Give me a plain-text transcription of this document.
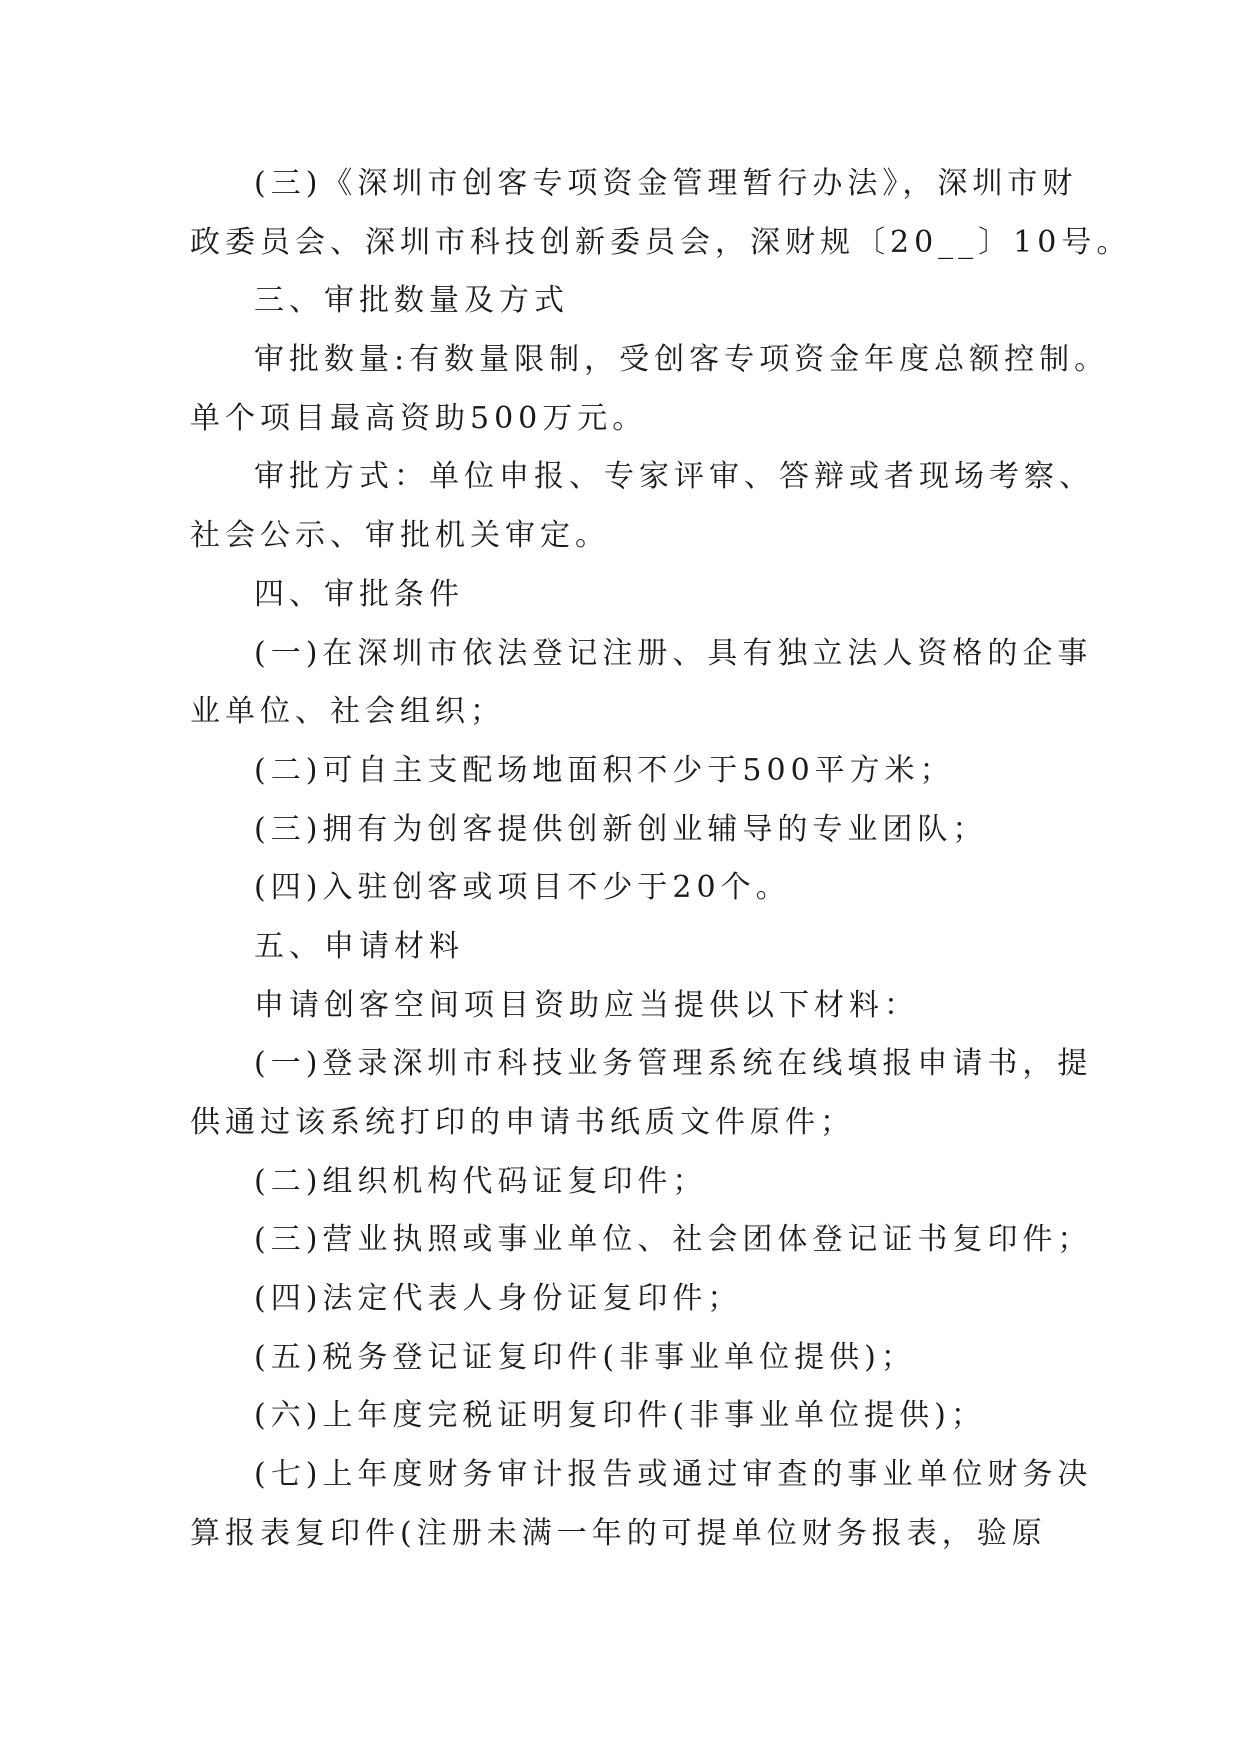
(三)《深圳市创客专项资金管理暂行办法》，深圳市财
政委员会、深圳市科技创新委员会，深财规〔20__〕10号。
三、审批数量及方式
审批数量:有数量限制，受创客专项资金年度总额控制。
单个项目最高资助500万元。
审批方式：单位申报、专家评审、答辩或者现场考察、
社会公示、审批机关审定。
四、审批条件
(一)在深圳市依法登记注册、具有独立法人资格的企事
业单位、社会组织；
(二)可自主支配场地面积不少于500平方米；
(三)拥有为创客提供创新创业辅导的专业团队；
(四)入驻创客或项目不少于20个。
五、申请材料
申请创客空间项目资助应当提供以下材料：
(一)登录深圳市科技业务管理系统在线填报申请书，提
供通过该系统打印的申请书纸质文件原件；
(二)组织机构代码证复印件；
(三)营业执照或事业单位、社会团体登记证书复印件；
(四)法定代表人身份证复印件；
(五)税务登记证复印件(非事业单位提供)；
(六)上年度完税证明复印件(非事业单位提供)；
(七)上年度财务审计报告或通过审查的事业单位财务决
算报表复印件(注册未满一年的可提单位财务报表，验原
